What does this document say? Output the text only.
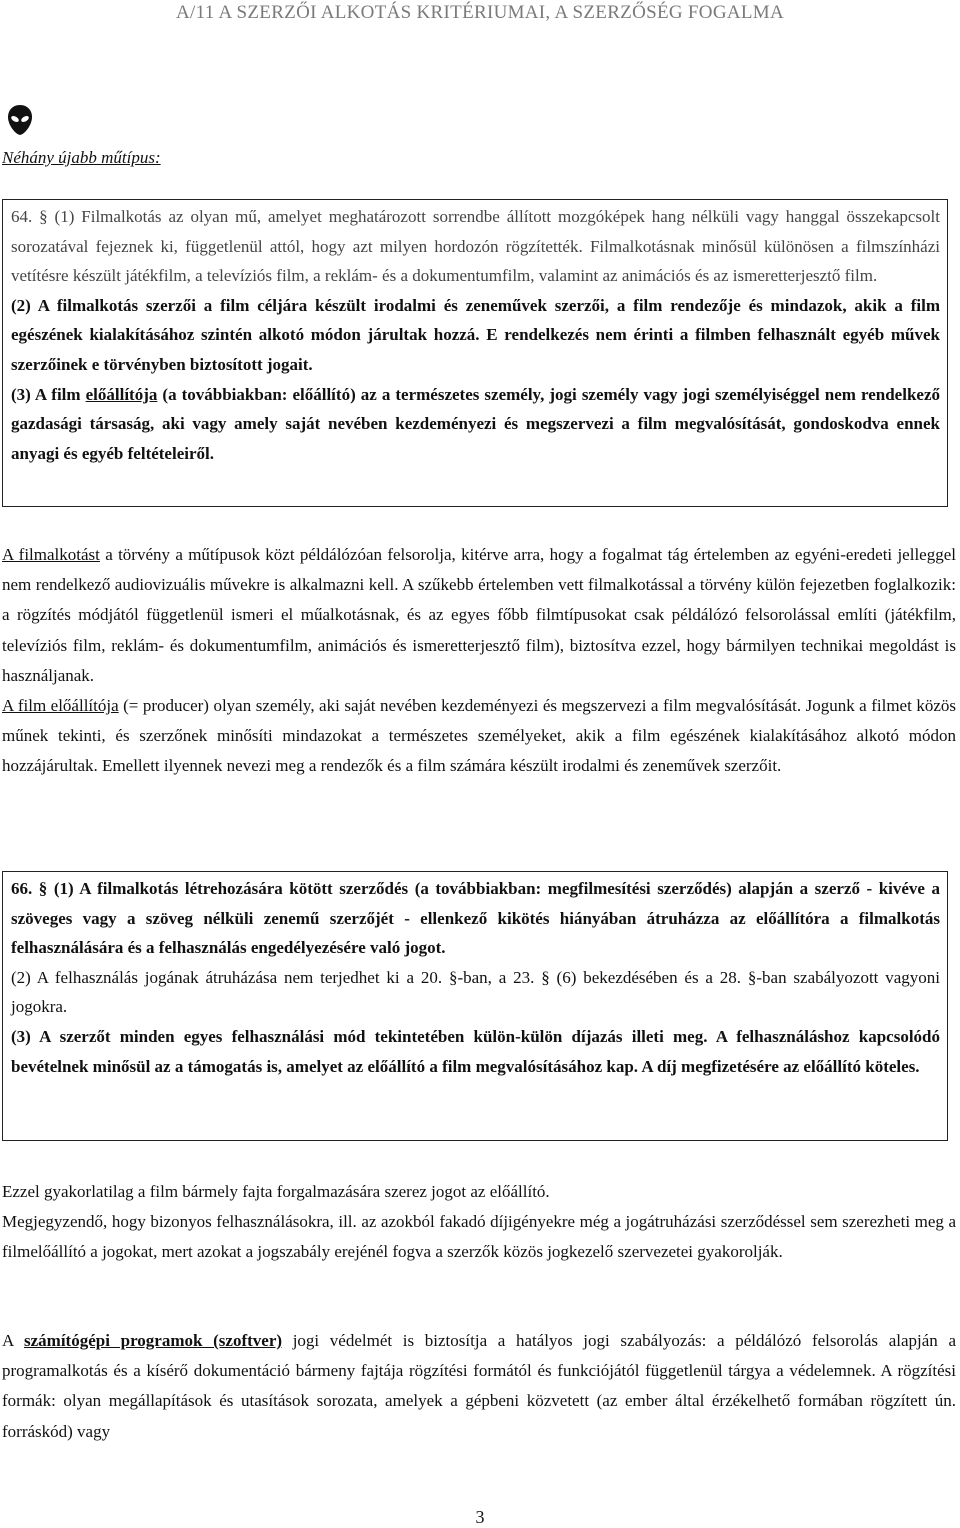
A/11 A SZERZŐI ALKOTÁS KRITÉRIUMAI, A SZERZŐSÉG FOGALMA
Néhány újabb műtípus:

64. § (1) Filmalkotás az olyan mű, amelyet meghatározott sorrendbe állított mozgóképek hang nélküli vagy hanggal összekapcsolt sorozatával fejeznek ki, függetlenül attól, hogy azt milyen hordozón rögzítették. Filmalkotásnak minősül különösen a filmszínházi vetítésre készült játékfilm, a televíziós film, a reklám- és a dokumentumfilm, valamint az animációs és az ismeretterjesztő film.

(2) A filmalkotás szerzői a film céljára készült irodalmi és zeneművek szerzői, a film rendezője és mindazok, akik a film egészének kialakításához szintén alkotó módon járultak hozzá. E rendelkezés nem érinti a filmben felhasznált egyéb művek szerzőinek e törvényben biztosított jogait.

(3) A film előállítója (a továbbiakban: előállító) az a természetes személy, jogi személy vagy jogi személyiséggel nem rendelkező gazdasági társaság, aki vagy amely saját nevében kezdeményezi és megszervezi a film megvalósítását, gondoskodva ennek anyagi és egyéb feltételeiről.

A filmalkotást a törvény a műtípusok közt példálózóan felsorolja, kitérve arra, hogy a fogalmat tág értelemben az egyéni-eredeti jelleggel nem rendelkező audiovizuális művekre is alkalmazni kell. A szűkebb értelemben vett filmalkotással a törvény külön fejezetben foglalkozik: a rögzítés módjától függetlenül ismeri el műalkotásnak, és az egyes főbb filmtípusokat csak példálózó felsorolással említi (játékfilm, televíziós film, reklám- és dokumentumfilm, animációs és ismeretterjesztő film), biztosítva ezzel, hogy bármilyen technikai megoldást is használjanak.

A film előállítója (= producer) olyan személy, aki saját nevében kezdeményezi és megszervezi a film megvalósítását. Jogunk a filmet közös műnek tekinti, és szerzőnek minősíti mindazokat a természetes személyeket, akik a film egészének kialakításához alkotó módon hozzájárultak. Emellett ilyennek nevezi meg a rendezők és a film számára készült irodalmi és zeneművek szerzőit.

66. § (1) A filmalkotás létrehozására kötött szerződés (a továbbiakban: megfilmesítési szerződés) alapján a szerző - kivéve a szöveges vagy a szöveg nélküli zenemű szerzőjét - ellenkező kikötés hiányában átruházza az előállítóra a filmalkotás felhasználására és a felhasználás engedélyezésére való jogot.

(2) A felhasználás jogának átruházása nem terjedhet ki a 20. §-ban, a 23. § (6) bekezdésében és a 28. §-ban szabályozott vagyoni jogokra.

(3) A szerzőt minden egyes felhasználási mód tekintetében külön-külön díjazás illeti meg. A felhasználáshoz kapcsolódó bevételnek minősül az a támogatás is, amelyet az előállító a film megvalósításához kap. A díj megfizetésére az előállító köteles.

Ezzel gyakorlatilag a film bármely fajta forgalmazására szerez jogot az előállító.

Megjegyzendő, hogy bizonyos felhasználásokra, ill. az azokból fakadó díjigényekre még a jogátruházási szerződéssel sem szerezheti meg a filmelőállító a jogokat, mert azokat a jogszabály erejénél fogva a szerzők közös jogkezelő szervezetei gyakorolják.

A számítógépi programok (szoftver) jogi védelmét is biztosítja a hatályos jogi szabályozás: a példálózó felsorolás alapján a programalkotás és a kísérő dokumentáció bármeny fajtája rögzítési formától és funkciójától függetlenül tárgya a védelemnek. A rögzítési formák: olyan megállapítások és utasítások sorozata, amelyek a gépbeni közvetett (az ember által érzékelhető formában rögzített ún. forráskód) vagy

3
